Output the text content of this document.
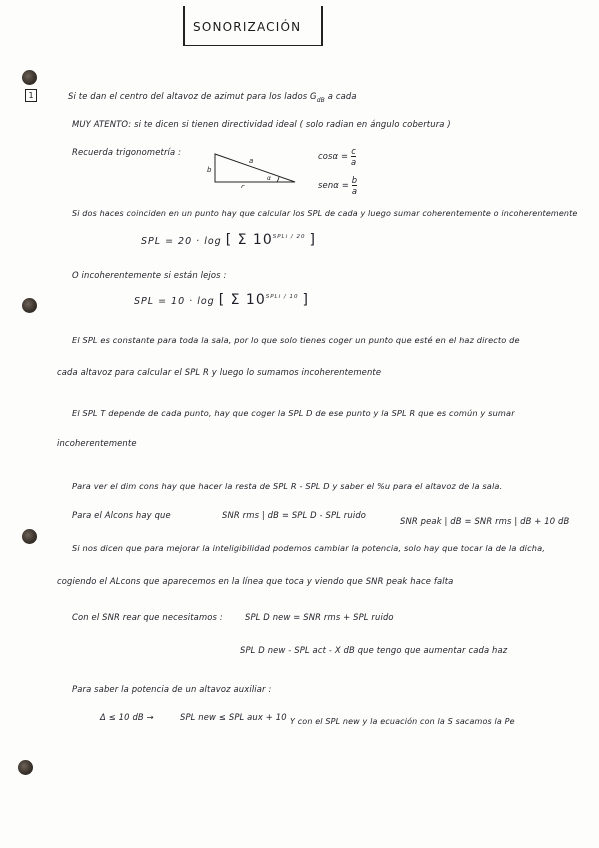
SONORIZACIÓN
1	Si te dan el centro del altavoz de azimut para los lados $G_{dB}$ a cada
MUY ATENTO: si te dicen si tienen directividad ideal ( solo radian en ángulo cobertura )
Recuerda trigonometría :
a
b
c
α
$\cos\alpha = \frac{c}{a}$
$sen\alpha = \frac{b}{a}$
Si dos haces coinciden en un punto hay que calcular los SPL de cada y luego sumar coherentemente o incoherentemente
SPL = 20 · log [ Σ $10^{SPLi / 20}$ ]
O incoherentemente si están lejos :
SPL = 10 · log [ Σ $10^{SPLi / 10}$ ]
El SPL es constante para toda la sala, por lo que solo tienes coger un punto que esté en el haz directo de
cada altavoz para calcular el SPL R y luego lo sumamos incoherentemente
El SPL T depende de cada punto, hay que coger la SPL D de ese punto y la SPL R que es común y sumar
incoherentemente
Para ver el dim cons hay que hacer la resta de SPL R - SPL D y saber el %u para el altavoz de la sala.
Para el Alcons hay que	SNR rms | dB = SPL D - SPL ruido
SNR peak | dB = SNR rms | dB + 10 dB
Si nos dicen que para mejorar la inteligibilidad podemos cambiar la potencia, solo hay que tocar la de la dicha,
cogiendo el ALcons que aparecemos en la línea que toca y viendo que SNR peak hace falta
Con el SNR rear que necesitamos :	SPL D new = SNR rms + SPL ruido
SPL D new - SPL act - X dB que tengo que aumentar cada haz
Para saber la potencia de un altavoz auxiliar :
Δ ≤ 10 dB →	SPL new ≤ SPL aux + 10 Y con el SPL new y la ecuación con la S sacamos la Pe
